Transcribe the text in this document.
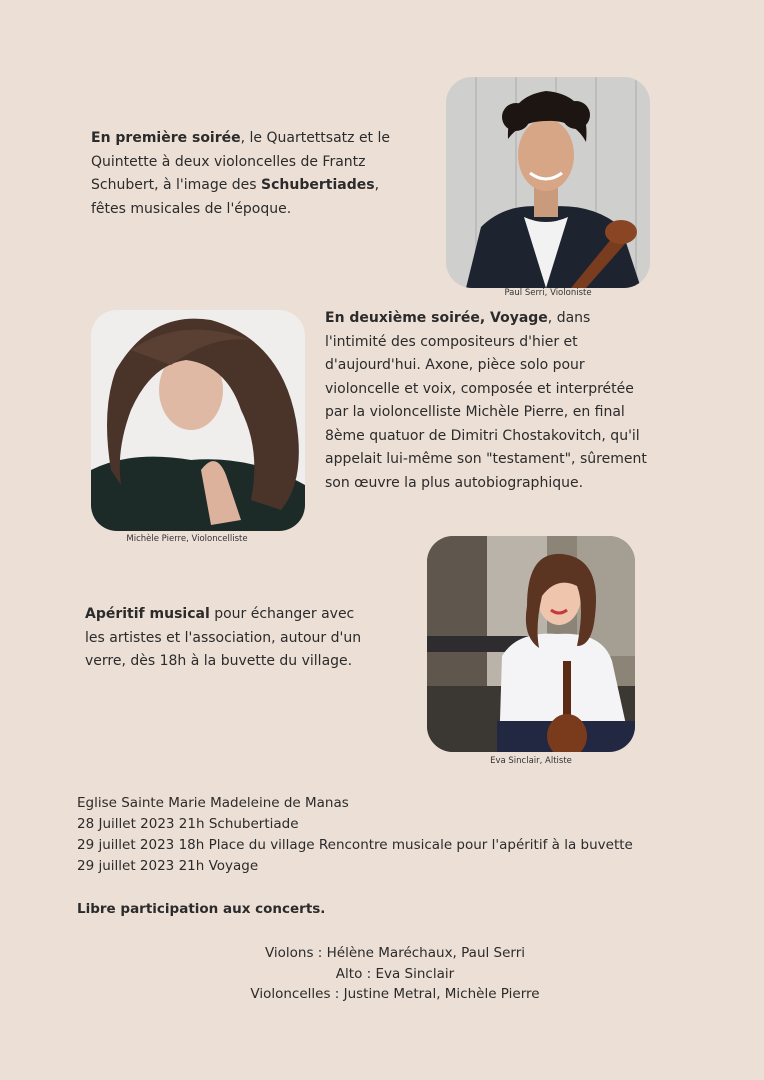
En première soirée, le Quartettsatz et le Quintette à deux violoncelles de Frantz Schubert, à l'image des Schubertiades, fêtes musicales de l'époque.

Paul Serri, Violoniste
Michèle Pierre, Violoncelliste

En deuxième soirée, Voyage, dans l'intimité des compositeurs d'hier et d'aujourd'hui. Axone, pièce solo pour violoncelle et voix, composée et interprétée par la violoncelliste Michèle Pierre, en final 8ème quatuor de Dimitri Chostakovitch, qu'il appelait lui-même son "testament", sûrement son œuvre la plus autobiographique.

Apéritif musical pour échanger avec les artistes et l'association, autour d'un verre, dès 18h à la buvette du village.

Eva Sinclair, Altiste
Eglise Sainte Marie Madeleine de Manas
28 Juillet 2023 21h Schubertiade
29 juillet 2023 18h Place du village Rencontre musicale pour l'apéritif à la buvette
29 juillet 2023 21h Voyage
Libre participation aux concerts.
Violons : Hélène Maréchaux, Paul Serri
Alto : Eva Sinclair
Violoncelles : Justine Metral, Michèle Pierre
